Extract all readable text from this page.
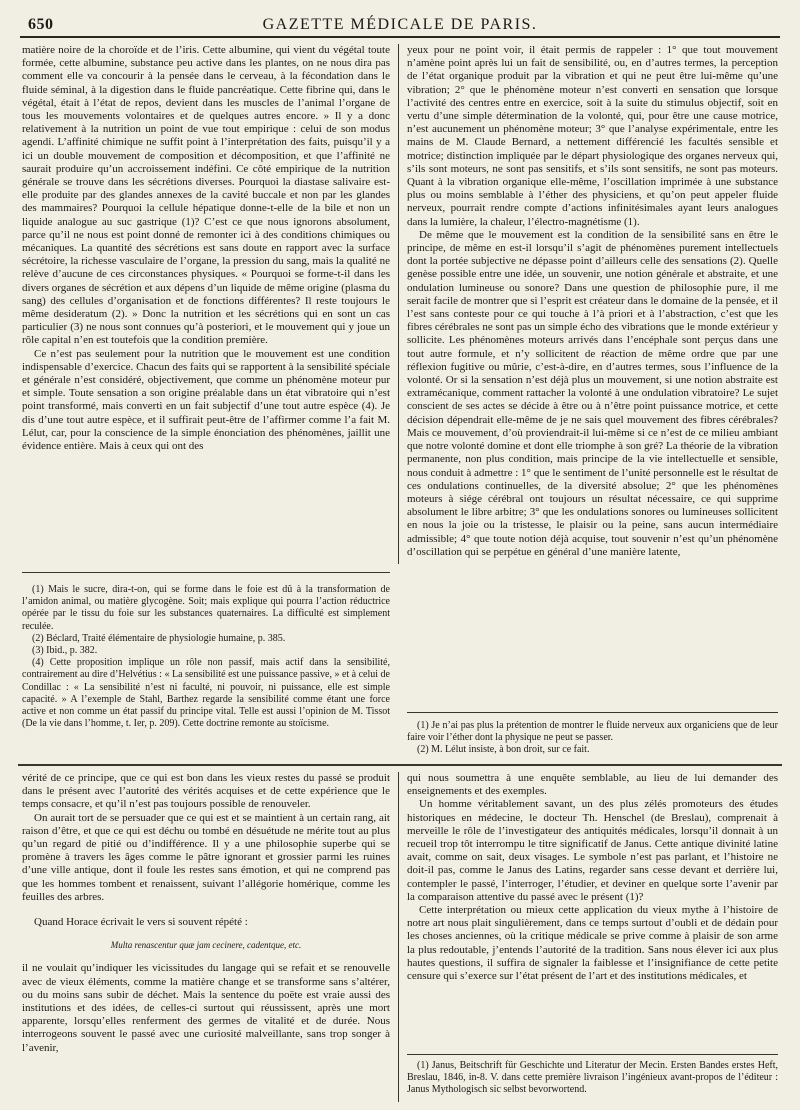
650	GAZETTE MÉDICALE DE PARIS.

matière noire de la choroïde et de l’iris. Cette albumine, qui vient du végétal toute formée, cette albumine, substance peu active dans les plantes, on ne nous dira pas comment elle va concourir à la pensée dans le cerveau, à la fécondation dans le fluide séminal, à la digestion dans le fluide pancréatique. Cette fibrine qui, dans le végétal, était à l’état de repos, devient dans les muscles de l’animal l’organe de tous les mouvements volontaires et de quelques autres encore. » Il y a donc relativement à la nutrition un point de vue tout empirique : celui de son modus agendi. L’affinité chimique ne suffit point à l’interprétation des faits, puisqu’il y a ici un double mouvement de composition et décomposition, et que l’affinité ne saurait produire qu’un accroissement indéfini. Ce côté empirique de la nutrition générale se trouve dans les sécrétions diverses. Pourquoi la diastase salivaire est-elle produite par des glandes annexes de la cavité buccale et non par les glandes des mammaires? Pourquoi la cellule hépatique donne-t-elle de la bile et non un liquide analogue au suc gastrique (1)? C’est ce que nous ignorons absolument, parce qu’il ne nous est point donné de remonter ici à des conditions chimiques ou mécaniques. La quantité des sécrétions est sans doute en rapport avec la surface sécrétoire, la richesse vasculaire de l’organe, la pression du sang, mais la qualité ne relève d’aucune de ces circonstances physiques. « Pourquoi se forme-t-il dans les divers organes de sécrétion et aux dépens d’un liquide de même origine (plasma du sang) des cellules d’organisation et de fonctions différentes? Il reste toujours le même desideratum (2). » Donc la nutrition et les sécrétions qui en sont un cas particulier (3) ne nous sont connues qu’à posteriori, et le mouvement qui y joue un rôle capital n’en est toutefois que la condition première.

Ce n’est pas seulement pour la nutrition que le mouvement est une condition indispensable d’exercice. Chacun des faits qui se rapportent à la sensibilité spéciale et générale n’est considéré, objectivement, que comme un phénomène moteur pur et simple. Toute sensation a son origine préalable dans un état vibratoire qui n’est point transformé, mais converti en un fait subjectif d’une tout autre espèce (4). Je dis d’une tout autre espèce, et il suffirait peut-être de l’affirmer comme l’a fait M. Lélut, car, pour la conscience de la simple énonciation des phénomènes, jaillit une évidence entière. Mais à ceux qui ont des

yeux pour ne point voir, il était permis de rappeler : 1° que tout mouvement n’amène point après lui un fait de sensibilité, ou, en d’autres termes, la perception de l’état organique produit par la vibration et qui ne peut être lui-même qu’une vibration; 2° que le phénomène moteur n’est converti en sensation que lorsque l’activité des centres entre en exercice, soit à la suite du stimulus objectif, soit en vertu d’une simple détermination de la volonté, qui, pour être une cause motrice, n’est aucunement un phénomène moteur; 3° que l’analyse expérimentale, entre les mains de M. Claude Bernard, a nettement différencié les facultés sensible et motrice; distinction impliquée par le départ physiologique des organes nerveux qui, s’ils sont moteurs, ne sont pas sensitifs, et s’ils sont sensitifs, ne sont pas moteurs. Quant à la vibration organique elle-même, l’oscillation imprimée à une substance plus ou moins semblable à l’éther des physiciens, et qu’on peut appeler fluide nerveux, pourrait rendre compte d’actions infinitésimales ayant leurs analogues dans la lumière, la chaleur, l’électro-magnétisme (1).

De même que le mouvement est la condition de la sensibilité sans en être le principe, de même en est-il lorsqu’il s’agit de phénomènes purement intellectuels dont la portée subjective ne dépasse point d’ailleurs celle des sensations (2). Quelle genèse possible entre une idée, un souvenir, une notion générale et abstraite, et une ondulation lumineuse ou sonore? Dans une question de philosophie pure, il me serait facile de montrer que si l’esprit est créateur dans le domaine de la pensée, et il l’est sans conteste pour ce qui touche à l’à priori et à l’abstraction, c’est que les fibres cérébrales ne sont pas un simple écho des vibrations que le monde extérieur y sollicite. Les phénomènes moteurs arrivés dans l’encéphale sont perçus dans une tout autre formule, et n’y sollicitent de réaction de même ordre que par une réflexion fugitive ou mûrie, c’est-à-dire, en d’autres termes, sous l’influence de la volonté. Or si la sensation n’est déjà plus un mouvement, si une notion abstraite est extramécanique, comment rattacher la volonté à une ondulation vibratoire? Le sujet conscient de ses actes se décide à être ou à n’être point puissance motrice, et cette décision dépendrait elle-même de je ne sais quel mouvement des fibres cérébrales? Mais ce mouvement, d’où proviendrait-il lui-même si ce n’est de ce milieu ambiant que notre volonté domine et dont elle triomphe à son gré? La théorie de la vibration permanente, non plus condition, mais principe de la vie intellectuelle et sensible, nous conduit à admettre : 1° que le sentiment de l’unité personnelle est le résultat de ces ondulations continuelles, de la diversité absolue; 2° que les phénomènes moteurs à siége cérébral ont toujours un résultat nécessaire, ce qui supprime absolument le libre arbitre; 3° que les ondulations sonores ou lumineuses sollicitent en nous la joie ou la tristesse, le plaisir ou la peine, sans aucun intermédiaire admissible; 4° que toute notion déjà acquise, tout souvenir n’est qu’un phénomène d’oscillation qui se perpétue en général d’une manière latente,

(1) Mais le sucre, dira-t-on, qui se forme dans le foie est dû à la transformation de l’amidon animal, ou matière glycogène. Soit; mais explique qui pourra l’action réductrice opérée par le tissu du foie sur les substances quaternaires. La difficulté est simplement reculée.

(2) Béclard, Traité élémentaire de physiologie humaine, p. 385.

(3) Ibid., p. 382.

(4) Cette proposition implique un rôle non passif, mais actif dans la sensibilité, contrairement au dire d’Helvétius : « La sensibilité est une puissance passive, » et à celui de Condillac : « La sensibilité n’est ni faculté, ni pouvoir, ni puissance, elle est simple capacité. » A l’exemple de Stahl, Barthez regarde la sensibilité comme étant une force active et non comme un état passif du principe vital. Telle est aussi l’opinion de M. Tissot (De la vie dans l’homme, t. Ier, p. 209). Cette doctrine remonte au stoïcisme.	(1) Je n’ai pas plus la prétention de montrer le fluide nerveux aux organiciens que de leur faire voir l’éther dont la physique ne peut se passer.

(2) M. Lélut insiste, à bon droit, sur ce fait.

vérité de ce principe, que ce qui est bon dans les vieux restes du passé se produit dans le présent avec l’autorité des vérités acquises et de cette expérience que le temps consacre, et qu’il n’est pas toujours possible de renouveler.

On aurait tort de se persuader que ce qui est et se maintient à un certain rang, ait raison d’être, et que ce qui est déchu ou tombé en désuétude ne mérite tout au plus qu’un regard de pitié ou d’indifférence. Il y a une philosophie superbe qui se promène à travers les âges comme le pâtre ignorant et grossier parmi les ruines d’une ville antique, dont il foule les restes sans émotion, et qui ne comprend pas que les hommes tombent et renaissent, suivant l’allégorie homérique, comme les feuilles des arbres.

Quand Horace écrivait le vers si souvent répété :

Multa renascentur quæ jam cecinere, cadentque, etc.

il ne voulait qu’indiquer les vicissitudes du langage qui se refait et se renouvelle avec de vieux éléments, comme la matière change et se transforme sans s’altérer, ou du moins sans subir de déchet. Mais la sentence du poëte est vraie aussi des institutions et des idées, de celles-ci surtout qui réussissent, après une mort apparente, lorsqu’elles renferment des germes de vitalité et de durée. Nous interrogeons souvent le passé avec une curiosité malveillante, sans trop songer à l’avenir,

qui nous soumettra à une enquête semblable, au lieu de lui demander des enseignements et des exemples.

Un homme véritablement savant, un des plus zélés promoteurs des études historiques en médecine, le docteur Th. Henschel (de Breslau), comprenait à merveille le rôle de l’investigateur des antiquités médicales, lorsqu’il donnait à un recueil trop tôt interrompu le titre significatif de Janus. Cette antique divinité latine avait, comme on sait, deux visages. Le symbole n’est pas parlant, et l’histoire ne doit-il pas, comme le Janus des Latins, regarder sans cesse devant et derrière lui, contempler le passé, l’interroger, l’étudier, et deviner en quelque sorte l’avenir par la comparaison attentive du passé avec le présent (1)?

Cette interprétation ou mieux cette application du vieux mythe à l’histoire de notre art nous plait singulièrement, dans ce temps surtout d’oubli et de dédain pour les choses anciennes, où la critique médicale se prive comme à plaisir de son arme la plus redoutable, j’entends l’autorité de la tradition. Sans nous élever ici aux plus hautes questions, il suffira de signaler la faiblesse et l’insignifiance de cette petite censure qui s’exerce sur l’état présent de l’art et des institutions médicales, et

(1) Janus, Beitschrift für Geschichte und Literatur der Mecin. Ersten Bandes erstes Heft, Breslau, 1846, in-8. V. dans cette première livraison l’ingénieux avant-propos de l’éditeur : Janus Mythologisch sic selbst bevorwortend.
